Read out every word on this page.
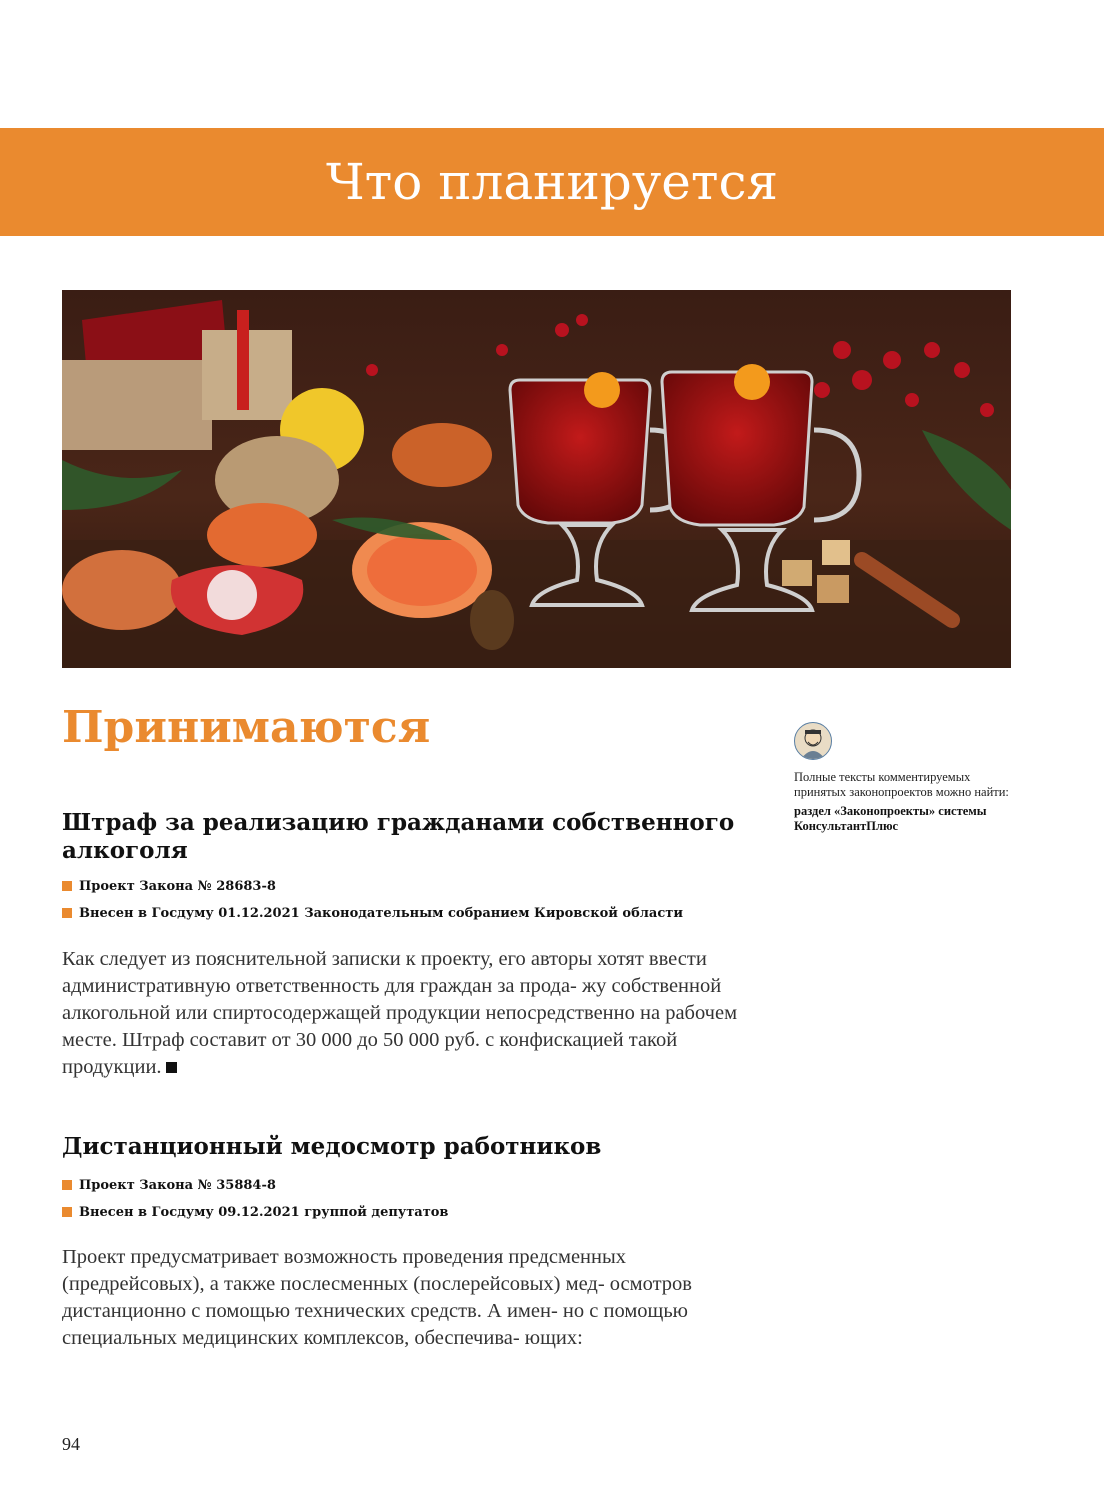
Что планируется
Принимаются
Штраф за реализацию гражданами собственного алкоголя

Проект Закона № 28683-8

Внесен в Госдуму 01.12.2021 Законодательным собранием Кировской области

Как следует из пояснительной записки к проекту, его авторы хотят ввести административную ответственность для граждан за прода- жу собственной алкогольной или спиртосодержащей продукции непосредственно на рабочем месте. Штраф составит от 30 000 до 50 000 руб. с конфискацией такой продукции.

Дистанционный медосмотр работников

Проект Закона № 35884-8

Внесен в Госдуму 09.12.2021 группой депутатов

Проект предусматривает возможность проведения предсменных (предрейсовых), а также послесменных (послерейсовых) мед- осмотров дистанционно с помощью технических средств. А имен- но с помощью специальных медицинских комплексов, обеспечива- ющих:

Полные тексты комментируемых принятых законопроектов можно найти:

раздел «Законопроекты» системы КонсультантПлюс

94
